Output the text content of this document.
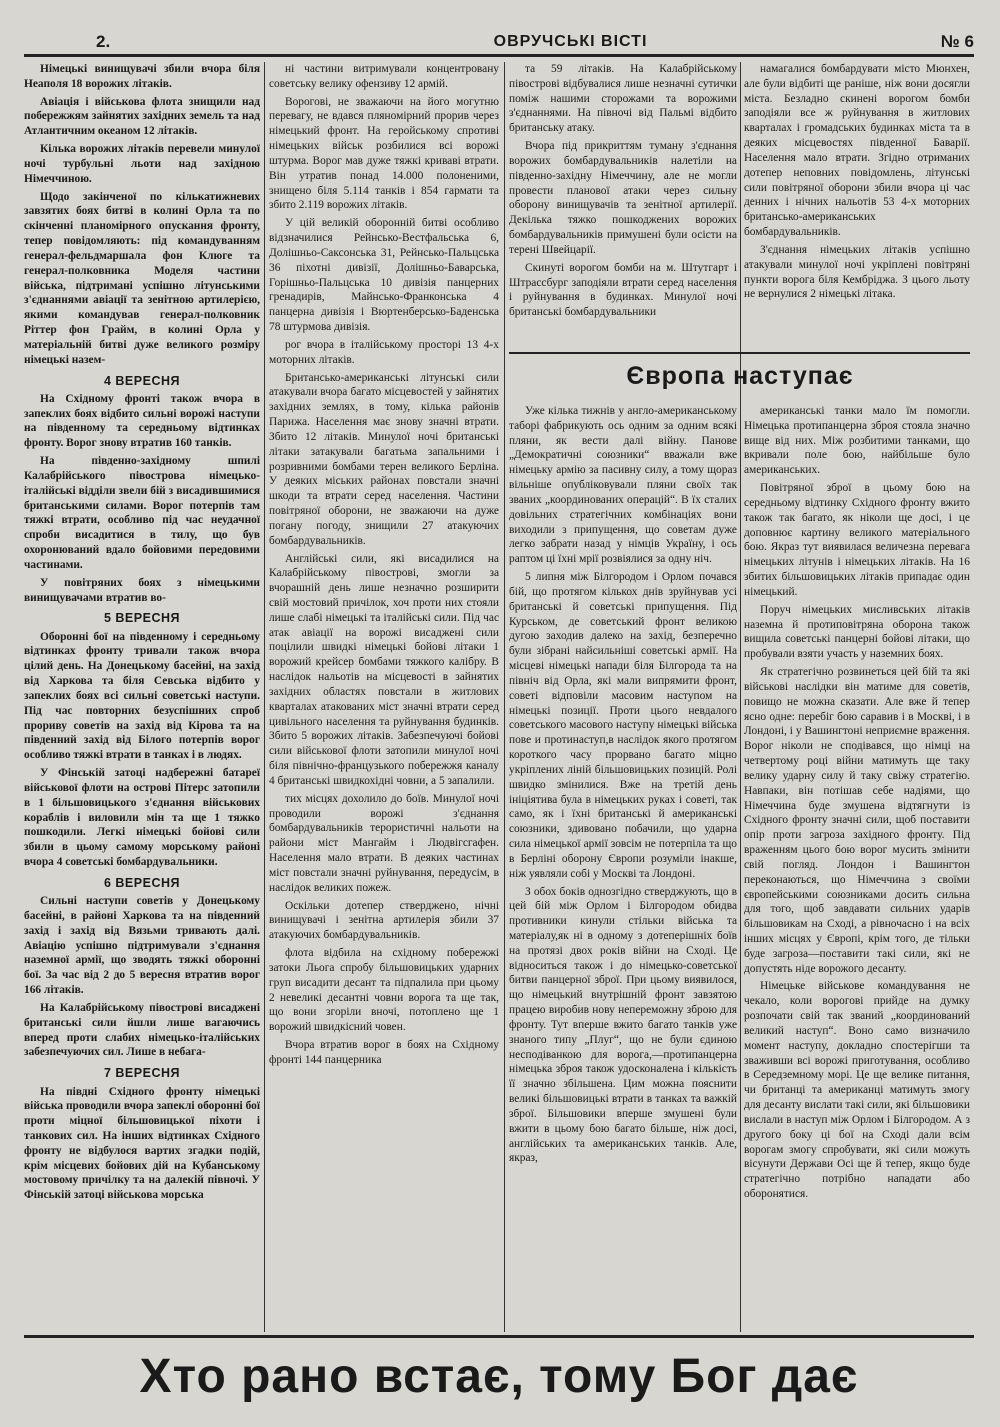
2.	ОВРУЧСЬКІ ВІСТІ	№ 6

Німецькі винищувачі збили вчора біля Неаполя 18 ворожих літаків.

Авіація і військова флота знищили над побережжям зайнятих західних земель та над Атлантичним океаном 12 літаків.

Кілька ворожих літаків перевели минулої ночі турбульні льоти над західною Німеччиною.

Щодо закінченої по кількатижневих завзятих боях битві в колині Орла та по скінченні планомірного опускання фронту, тепер повідомляють: під командуванням генерал-фельдмаршала фон Клюге та генерал-полковника Моделя частини війська, підтримані успішно літунськими з'єднаннями авіації та зенітною артилерією, якими командував генерал-полковник Ріттер фон Грайм, в колині Орла у матеріальній битві дуже великого розміру німецькі назем-

4 ВЕРЕСНЯ

На Східному фронті також вчора в запеклих боях відбито сильні ворожі наступи на південному та середньому відтинках фронту. Ворог знову втратив 160 танків.

На південно-західному шпилі Калабрійського півострова німецько-італійські відділи звели бій з висадившимися британськими силами. Ворог потерпів там тяжкі втрати, особливо під час неудачної спроби висадитися в тилу, що був охоронюваний вдало бойовими передовими частинами.

У повітряних боях з німецькими винищувачами втратив во-

5 ВЕРЕСНЯ

Оборонні бої на південному і середньому відтинках фронту тривали також вчора цілий день. На Донецькому басейні, на захід від Харкова та біля Севська відбито у запеклих боях всі сильні советські наступи. Під час повторних безуспішних спроб прориву советів на захід від Кірова та на південний захід від Білого потерпів ворог особливо тяжкі втрати в танках і в людях.

У Фінській затоці надбережні батареї військової флоти на острові Пітерс затопили в 1 більшовицького з'єднання військових кораблів і виловили мін та ще 1 тяжко пошкодили. Легкі німецькі бойові сили збили в цьому самому морському районі вчора 4 советські бомбардувальники.

6 ВЕРЕСНЯ

Сильні наступи советів у Донецькому басейні, в районі Харкова та на південний захід і захід від Вязьми тривають далі. Авіацію успішно підтримували з'єднання наземної армії, що зводять тяжкі оборонні бої. За час від 2 до 5 вересня втратив ворог 166 літаків.

На Калабрійському півострові висаджені британські сили йшли лише вагаючись вперед проти слабих німецько-італійських забезпечуючих сил. Лише в небага-

7 ВЕРЕСНЯ

На півдні Східного фронту німецькі війська проводили вчора запеклі оборонні бої проти міцної більшовицької піхоти і танкових сил. На інших відтинках Східного фронту не відбулося вартих згадки подій, крім місцевих бойових дій на Кубанському мостовому причілку та на далекій півночі. У Фінській затоці військова морська

ні частини витримували концентровану советську велику офензиву 12 армій.

Ворогові, не зважаючи на його могутню перевагу, не вдався пляномірний прорив через німецький фронт. На геройському спротиві німецьких військ розбилися всі ворожі штурма. Ворог мав дуже тяжкі криваві втрати. Він утратив понад 14.000 полоненими, знищено біля 5.114 танків і 854 гармати та збито 2.119 ворожих літаків.

У цій великій оборонній битві особливо відзначилися Рейнсько-Вестфальська 6, Долішньо-Саксонська 31, Рейнсько-Пальцська 36 піхотні дивізії, Долішньо-Баварська, Горішньо-Пальцська 10 дивізія панцерних гренадирів, Майнсько-Франконська 4 панцерна дивізія і Вюртенберсько-Баденська 78 штурмова дивізія.

рог вчора в італійському просторі 13 4-х моторних літаків.

Британсько-американські літунські сили атакували вчора багато місцевостей у зайнятих західних землях, в тому, кілька районів Парижа. Населення має знову значні втрати. Збито 12 літаків. Минулої ночі британські літаки затакували багатьма запальними і розривними бомбами терен великого Берліна. У деяких міських районах повстали значні шкоди та втрати серед населення. Частини повітряної оборони, не зважаючи на дуже погану погоду, знищили 27 атакуючих бомбардувальників.

Англійські сили, які висадилися на Калабрійському півострові, змогли за вчорашній день лише незначно розширити свій мостовий причілок, хоч проти них стояли лише слабі німецькі та італійські сили. Під час атак авіації на ворожі висаджені сили поцілили швидкі німецькі бойові літаки 1 ворожий крейсер бомбами тяжкого калібру. В наслідок нальотів на місцевості в зайнятих західних областях повстали в житлових кварталах атакованих міст значні втрати серед цивільного населення та руйнування будинків. Збито 5 ворожих літаків. Забезпечуючі бойові сили військової флоти затопили минулої ночі біля північно-французького побережжя каналу 4 британські швидкохідні човни, а 5 запалили.

тих місцях дохолило до боїв. Минулої ночі проводили ворожі з'єднання бомбардувальників терористичні нальоти на райони міст Мангайм і Людвігсгафен. Населення мало втрати. В деяких частинах міст повстали значні руйнування, передусім, в наслідок великих пожеж.

Оскільки дотепер стверджено, нічні винищувачі і зенітна артилерія збили 37 атакуючих бомбардувальників.

флота відбила на східному побережжі затоки Льога спробу більшовицьких ударних груп висадити десант та підпалила при цьому 2 невеликі десантні човни ворога та ще так, що вони згоріли вночі, потоплено ще 1 ворожий швидкісний човен.

Вчора втратив ворог в боях на Східному фронті 144 панцерника

та 59 літаків. На Калабрійському півострові відбувалися лише незначні сутички поміж нашими сторожами та ворожими з'єднаннями. На півночі від Пальмі відбито британську атаку.

Вчора під прикриттям туману з'єднання ворожих бомбардувальників налетіли на південно-західну Німеччину, але не могли провести планової атаки через сильну оборону винищувачів та зенітної артилерії. Декілька тяжко пошкоджених ворожих бомбардувальників примушені були осісти на терені Швейцарії.

Скинуті ворогом бомби на м. Штутгарт і Штрассбург заподіяли втрати серед населення і руйнування в будинках. Минулої ночі британські бомбардувальники

намагалися бомбардувати місто Мюнхен, але були відбиті ще раніше, ніж вони досягли міста. Безладно скинені ворогом бомби заподіяли все ж руйнування в житлових кварталах і громадських будинках міста та в деяких місцевостях південної Баварії. Населення мало втрати. Згідно отриманих дотепер неповних повідомлень, літунські сили повітряної оборони збили вчора ці час денних і нічних нальотів 53 4-х моторних британсько-американських бомбардувальників.

З'єднання німецьких літаків успішно атакували минулої ночі укріплені повітряні пункти ворога біля Кембріджа. З цього льоту не вернулися 2 німецькі літака.

Європа наступає

Уже кілька тижнів у англо-американському таборі фабрикують ось одним за одним всякі пляни, як вести далі війну. Панове „Демократичні союзники“ вважали вже німецьку армію за пасивну силу, а тому щораз вільніше опубліковували пляни своїх так званих „координованих операцій“. В їх сталих довільних стратегічних комбінаціях вони виходили з припущення, що советам дуже легко забрати назад у німців Україну, і ось раптом ці їхні мрії розвіялися за одну ніч.

5 липня між Білгородом і Орлом почався бій, що протягом кількох днів зруйнував усі британські й советські припущення. Під Курськом, де советський фронт великою дугою заходив далеко на захід, безперечно були зібрані найсильніші советські армії. На місцеві німецькі напади біля Білгорода та на північ від Орла, які мали випрямити фронт, советі відповіли масовим наступом на німецькі позиції. Проти цього невдалого советського масового наступу німецькі війська пове и протинаступ,в наслідок якого протягом короткого часу прорвано багато міцно укріплених ліній більшовицьких позицій. Ролі швидко змінилися. Вже на третій день ініціятива була в німецьких руках і советі, так само, як і їхні британські й американські союзники, здивовано побачили, що ударна сила німецької армії зовсім не потерпіла та що в Берліні оборону Європи розуміли інакше, ніж уявляли собі у Москві та Лондоні.

З обох боків однозгідно стверджують, що в цей бій між Орлом і Білгородом обидва противники кинули стільки війська та матеріалу,як ні в одному з дотеперішніх боїв на протязі двох років війни на Сході. Це відноситься також і до німецько-советської битви панцерної зброї. При цьому виявилося, що німецький внутрішній фронт завзятою працею виробив нову непереможну зброю для фронту. Тут вперше вжито багато танків уже знаного типу „Плуг“, що не були єдиною несподіванкою для ворога,—протипанцерна німецька зброя також удосконалена і кількість її значно збільшена. Цим можна пояснити великі більшовицькі втрати в танках та важкій зброї. Більшовики вперше змушені були вжити в цьому бою багато більше, ніж досі, англійських та американських танків. Але, якраз,

американські танки мало їм помогли. Німецька протипанцерна зброя стояла значно вище від них. Між розбитими танками, що вкривали поле бою, найбільше було американських.

Повітряної зброї в цьому бою на середньому відтинку Східного фронту вжито також так багато, як ніколи ще досі, і це доповнює картину великого матеріального бою. Якраз тут виявилася величезна перевага німецьких літунів і німецьких літаків. На 16 збитих більшовицьких літаків припадає один німецький.

Поруч німецьких мисливських літаків наземна й протиповітряна оборона також вищила советські панцерні бойові літаки, що пробували взяти участь у наземних боях.

Як стратегічно розвинеться цей бій та які військові наслідки він матиме для советів, повищо не можна сказати. Але вже й тепер ясно одне: перебіг бою саравив і в Москві, і в Лондоні, і у Вашингтоні неприємне враження. Ворог ніколи не сподівався, що німці на четвертому році війни матимуть ще таку велику ударну силу й таку свіжу стратегію. Навпаки, він потішав себе надіями, що Німеччина буде змушена відтягнути із Східного фронту значні сили, щоб поставити опір проти загроза західного фронту. Під враженням цього бою ворог мусить змінити свій погляд. Лондон і Вашингтон переконаються, що Німеччина з своїми європейськими союзниками досить сильна для того, щоб завдавати сильних ударів більшовикам на Сході, а рівночасно і на всіх інших місцях у Європі, крім того, де тільки буде загроза—поставити такі сили, які не допустять ніде ворожого десанту.

Німецьке військове командування не чекало, коли ворогові прийде на думку розпочати свій так званий „координований великий наступ“. Воно само визначило момент наступу, докладно спостерігши та зваживши всі ворожі приготування, особливо в Середземному морі. Це ще велике питання, чи британці та американці матимуть змогу для десанту вислати такі сили, які більшовики вислали в наступ між Орлом і Білгородом. А з другого боку ці бої на Сході дали всім ворогам змогу спробувати, які сили можуть вісунути Держави Осі ще й тепер, якщо буде стратегічно потрібно нападати або оборонятися.

Хто рано встає, тому Бог дає
